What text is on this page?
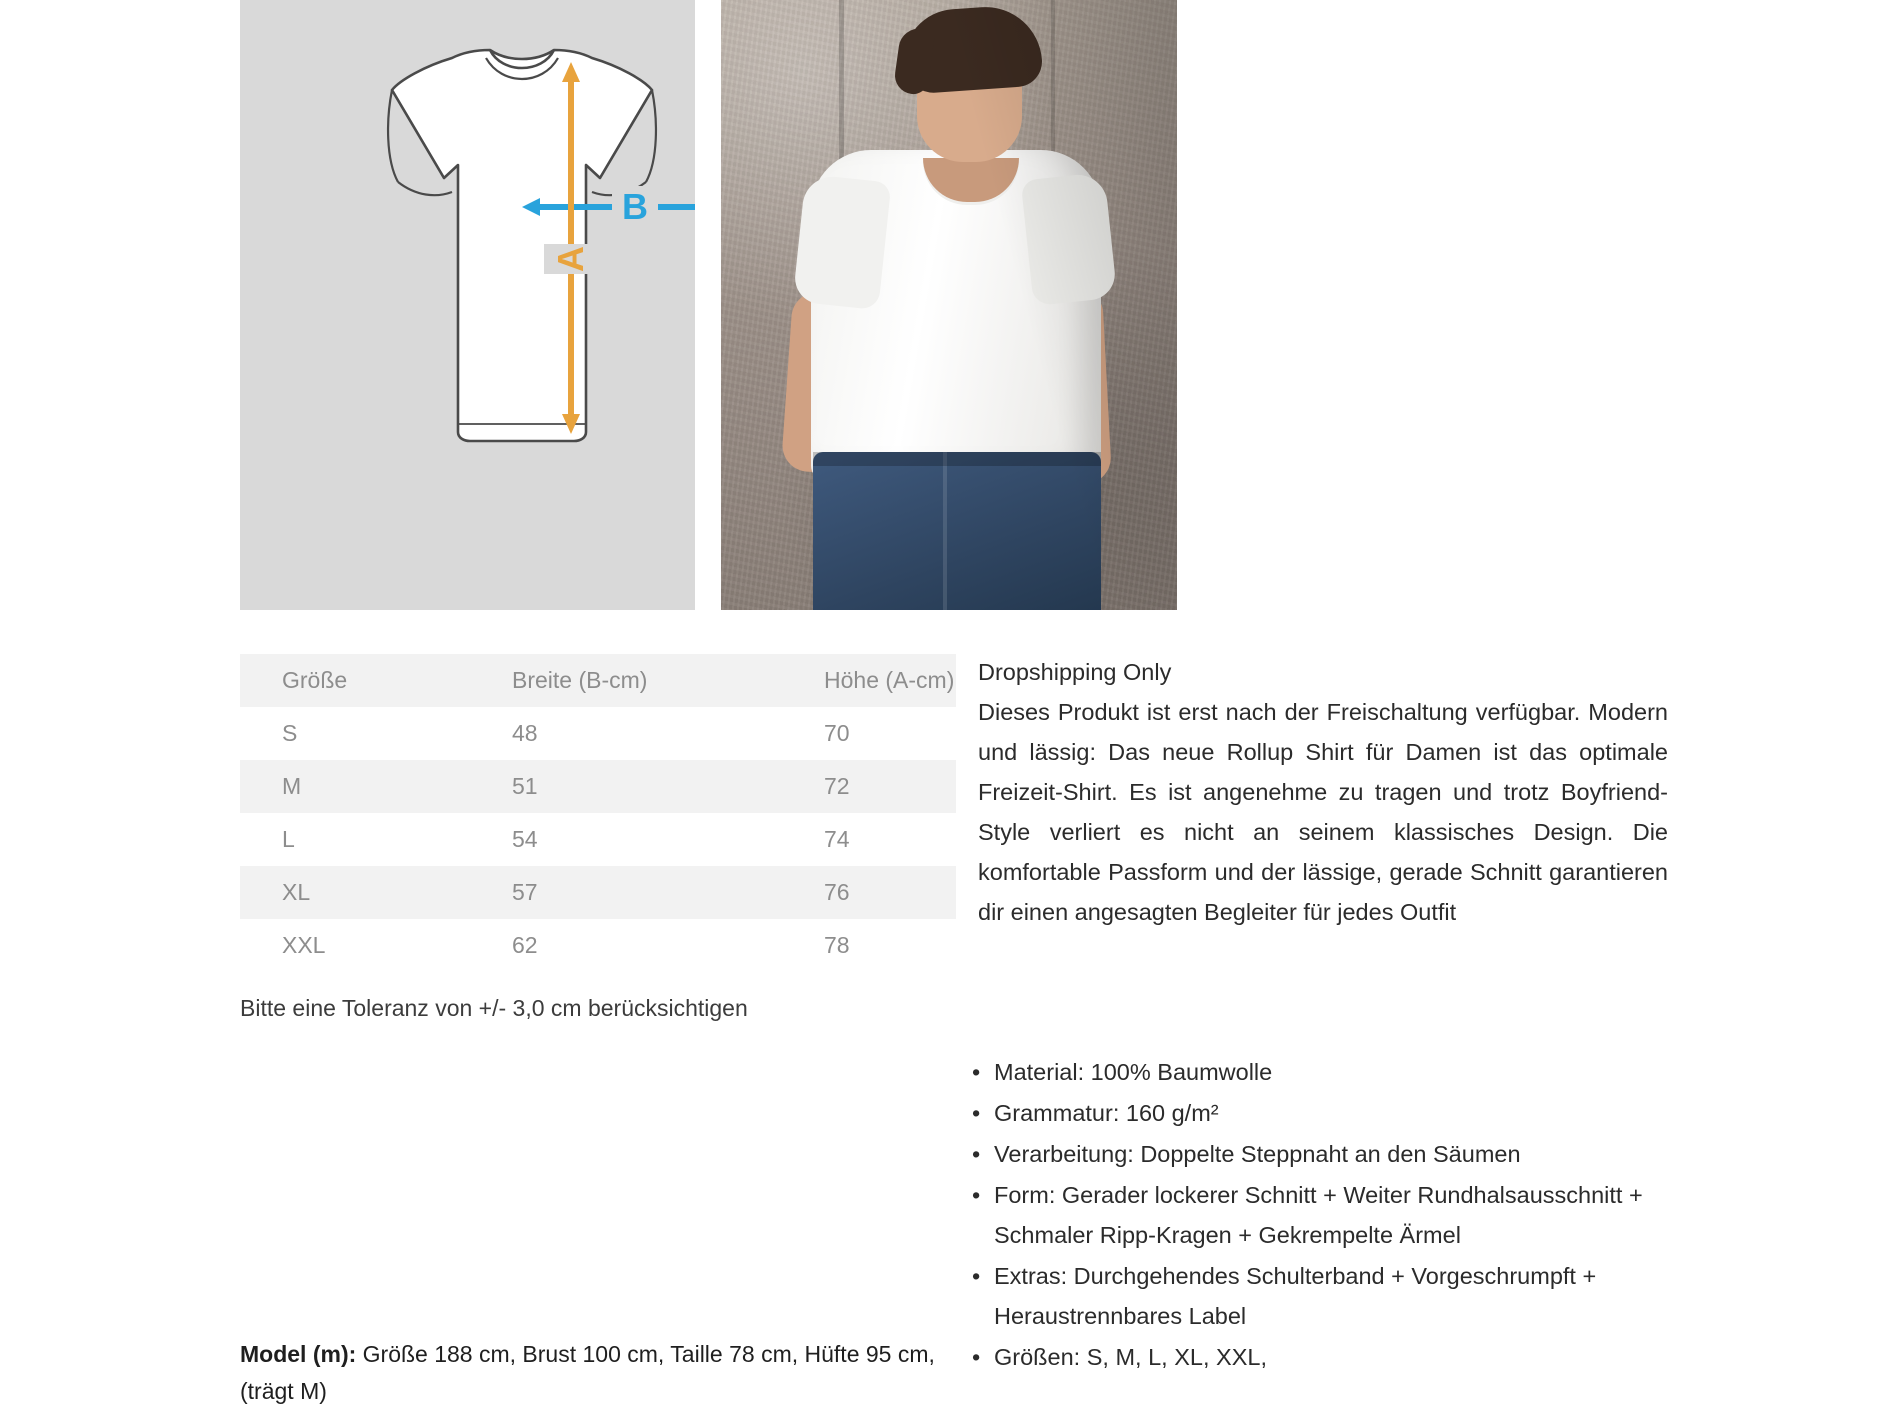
B
A
Größe	Breite (B-cm)	Höhe (A-cm)
S	48	70
M	51	72
L	54	74
XL	57	76
XXL	62	78
Bitte eine Toleranz von +/- 3,0 cm berücksichtigen
Model (m): Größe 188 cm, Brust 100 cm, Taille 78 cm, Hüfte 95 cm, (trägt M)
Dropshipping Only
Dieses Produkt ist erst nach der Freischaltung verfügbar. Modern und lässig: Das neue Rollup Shirt für Damen ist das optimale Freizeit-Shirt. Es ist angenehme zu tragen und trotz Boyfriend-Style verliert es nicht an seinem klassisches Design. Die komfortable Passform und der lässige, gerade Schnitt garantieren dir einen angesagten Begleiter für jedes Outfit
• Material: 100% Baumwolle
• Grammatur: 160 g/m²
• Verarbeitung: Doppelte Steppnaht an den Säumen
• Form: Gerader lockerer Schnitt + Weiter Rundhalsausschnitt + Schmaler Ripp-Kragen + Gekrempelte Ärmel
• Extras: Durchgehendes Schulterband + Vorgeschrumpft + Heraustrennbares Label
• Größen: S, M, L, XL, XXL,
